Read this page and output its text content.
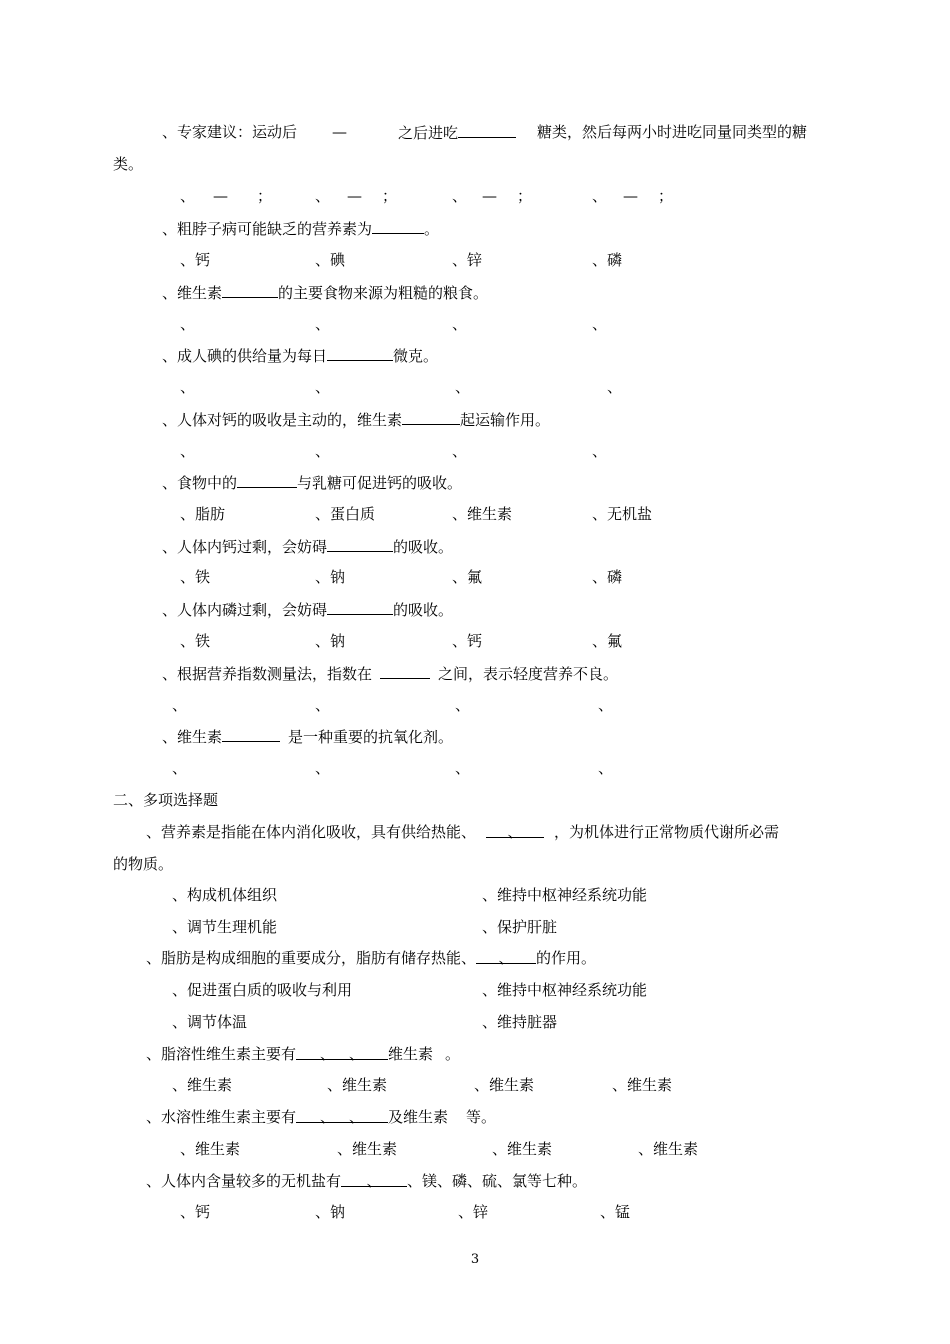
、专家建议：运动后 —	之后进吃	糖类，然后每两小时进吃同量同类型的糖
类。
、 — ；	、 — ；	、 — ；	、 — ；
、粗脖子病可能缺乏的营养素为	。
、钙	、碘	、锌	、磷
、维生素	的主要食物来源为粗糙的粮食。
、	、	、	、
、成人碘的供给量为每日	微克。
、	、	、	、
、人体对钙的吸收是主动的，维生素	起运输作用。
、	、	、	、
、食物中的	与乳糖可促进钙的吸收。
、脂肪	、蛋白质	、维生素	、无机盐
、人体内钙过剩，会妨碍	的吸收。
、铁	、钠	、氟	、磷
、人体内磷过剩，会妨碍	的吸收。
、铁	、钠	、钙	、氟
、根据营养指数测量法，指数在	之间，表示轻度营养不良。
、	、	、	、
、维生素	是一种重要的抗氧化剂。
、	、	、	、
二、多项选择题
、营养素是指能在体内消化吸收，具有供给热能、 、 ，为机体进行正常物质代谢所必需
的物质。
、构成机体组织	、维持中枢神经系统功能
、调节生理机能	、保护肝脏
、脂肪是构成细胞的重要成分，脂肪有储存热能、 、 的作用。
、促进蛋白质的吸收与利用	、维持中枢神经系统功能
、调节体温	、维持脏器
、脂溶性维生素主要有 、 、 维生素 。
、维生素	、维生素	、维生素	、维生素
、水溶性维生素主要有 、 、 及维生素 等。
、维生素	、维生素	、维生素	、维生素
、人体内含量较多的无机盐有 、 、镁、磷、硫、氯等七种。
、钙	、钠	、锌	、锰
3
